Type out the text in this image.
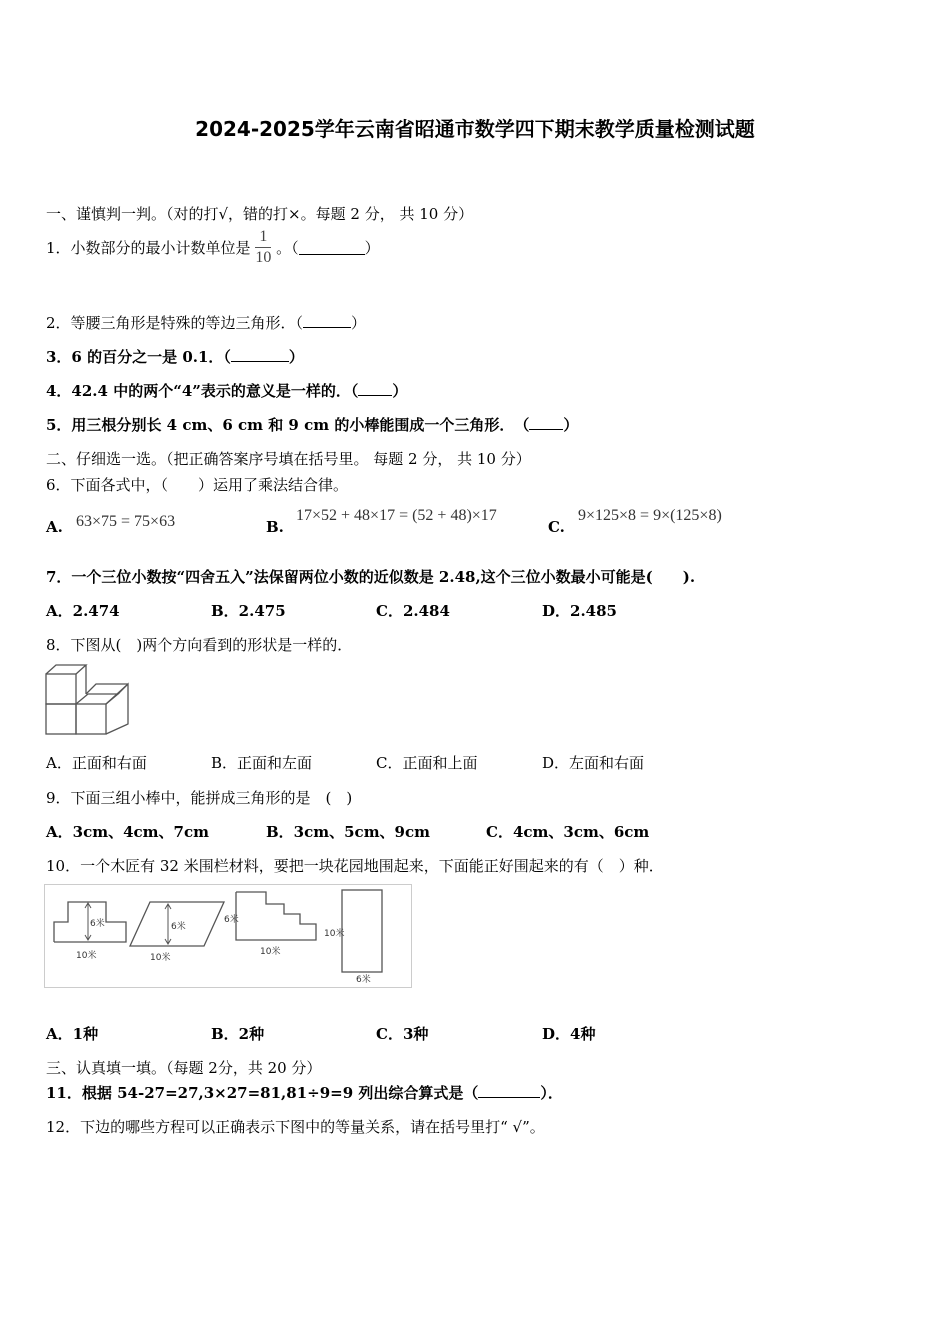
2024-2025学年云南省昭通市数学四下期末教学质量检测试题
一、谨慎判一判。（对的打√，错的打×。每题 2 分， 共 10 分）
1．小数部分的最小计数单位是 $\frac{1}{10}$ 。（	）
2．等腰三角形是特殊的等边三角形．（	）
3．6 的百分之一是 0.1．（	）
4．42.4 中的两个“4”表示的意义是一样的．（ ）
5．用三根分别长 4 cm、6 cm 和 9 cm 的小棒能围成一个三角形．　（ ）
二、仔细选一选。（把正确答案序号填在括号里。 每题 2 分， 共 10 分）
6．下面各式中，（　　）运用了乘法结合律。
A. 63×75 = 75×63	B.
17×52 + 48×17 = (52 + 48)×17
C.
9×125×8 = 9×(125×8)
7．一个三位小数按“四舍五入”法保留两位小数的近似数是 2.48,这个三位小数最小可能是(　　).
A．2.474	B．2.475	C．2.484	D．2.485
8．下图从(　)两个方向看到的形状是一样的．
A．正面和右面	B．正面和左面	C．正面和上面	D．左面和右面
9．下面三组小棒中，能拼成三角形的是　(　)
A．3cm、4cm、7cm	B．3cm、5cm、9cm	C．4cm、3cm、6cm
10．一个木匠有 32 米围栏材料，要把一块花园地围起来，下面能正好围起来的有（　）种．
6米
10米
6米
10米
6米
10米
10米
6米
A．1种	B．2种	C．3种	D．4种
三、认真填一填。（每题 2分，共 20 分）
11．根据 54-27=27,3×27=81,81÷9=9 列出综合算式是（	）．
12．下边的哪些方程可以正确表示下图中的等量关系，请在括号里打“ √”。
